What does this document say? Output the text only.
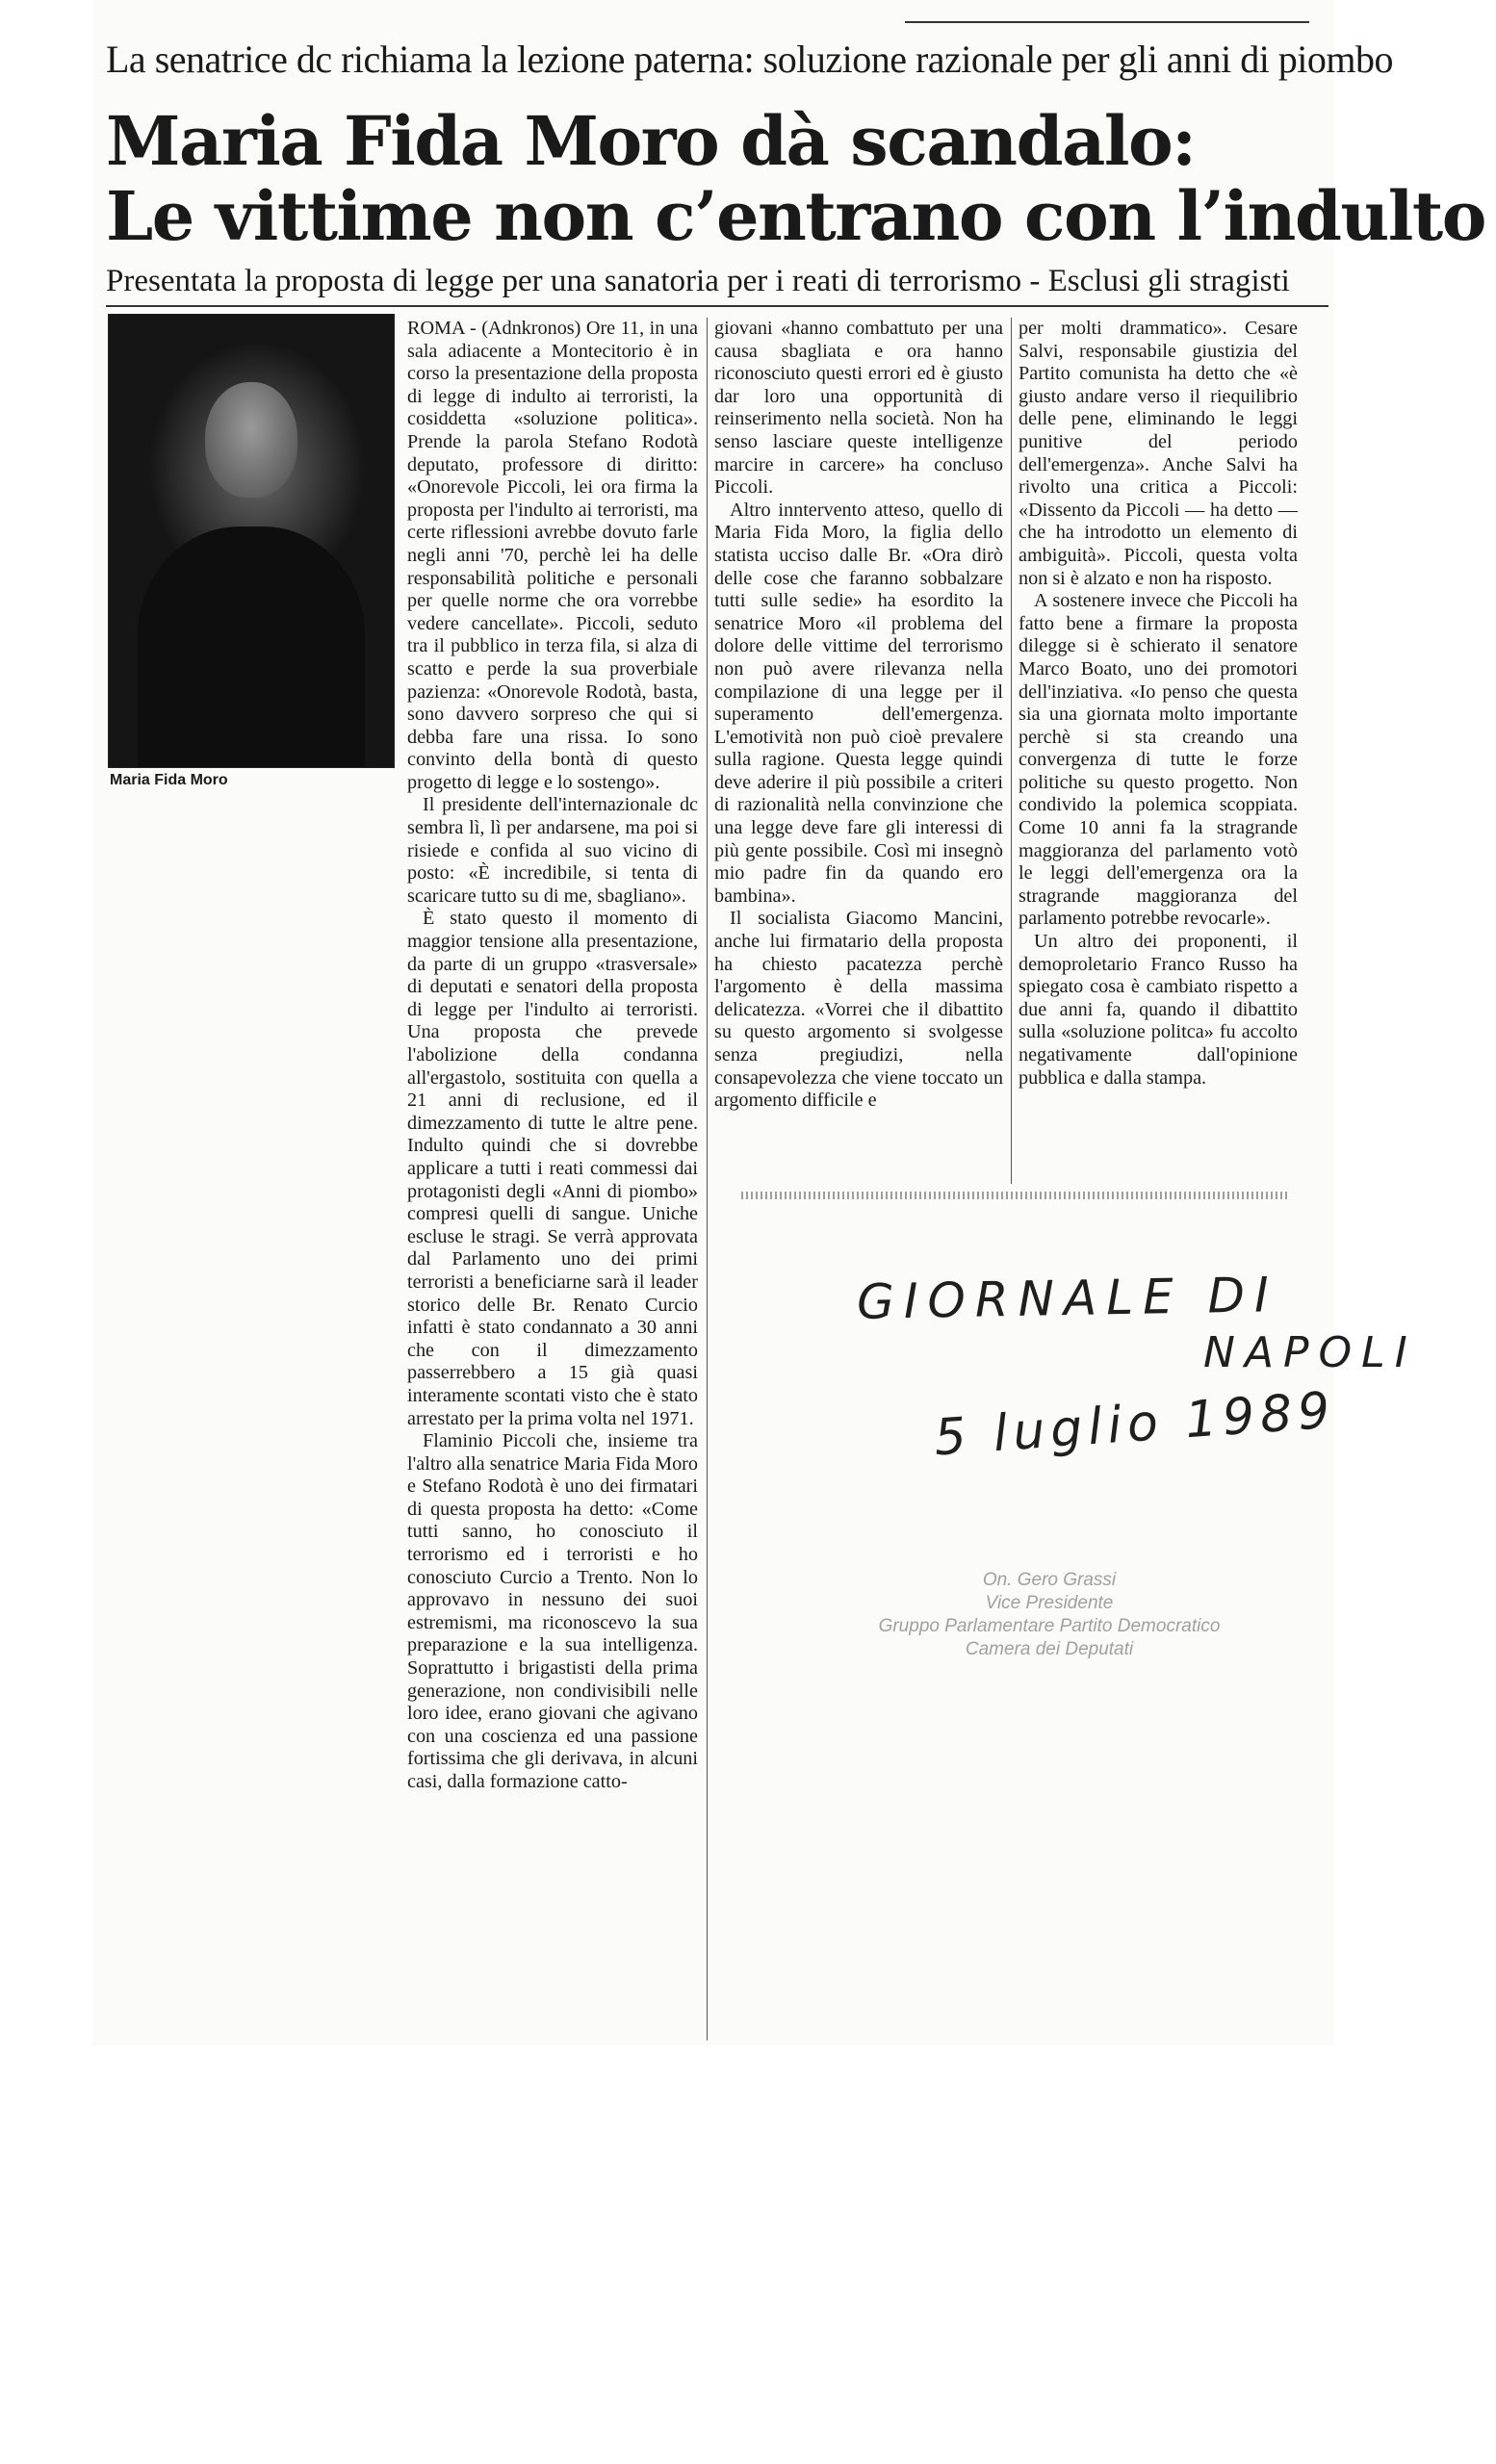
La senatrice dc richiama la lezione paterna: soluzione razionale per gli anni di piombo
Maria Fida Moro dà scandalo:
Le vittime non c’entrano con l’indulto
Presentata la proposta di legge per una sanatoria per i reati di terrorismo - Esclusi gli stragisti
Maria Fida Moro

ROMA - (Adnkronos) Ore 11, in una sala adiacente a Montecitorio è in corso la presentazione della proposta di legge di indulto ai terroristi, la cosiddetta «soluzione politica». Prende la parola Stefano Rodotà deputato, professore di diritto: «Onorevole Piccoli, lei ora firma la proposta per l'indulto ai terroristi, ma certe riflessioni avrebbe dovuto farle negli anni '70, perchè lei ha delle responsabilità politiche e personali per quelle norme che ora vorrebbe vedere cancellate». Piccoli, seduto tra il pubblico in terza fila, si alza di scatto e perde la sua proverbiale pazienza: «Onorevole Rodotà, basta, sono davvero sorpreso che qui si debba fare una rissa. Io sono convinto della bontà di questo progetto di legge e lo sostengo».

Il presidente dell'internazionale dc sembra lì, lì per andarsene, ma poi si risiede e confida al suo vicino di posto: «È incredibile, si tenta di scaricare tutto su di me, sbagliano».

È stato questo il momento di maggior tensione alla presentazione, da parte di un gruppo «trasversale» di deputati e senatori della proposta di legge per l'indulto ai terroristi. Una proposta che prevede l'abolizione della condanna all'ergastolo, sostituita con quella a 21 anni di reclusione, ed il dimezzamento di tutte le altre pene. Indulto quindi che si dovrebbe applicare a tutti i reati commessi dai protagonisti degli «Anni di piombo» compresi quelli di sangue. Uniche escluse le stragi. Se verrà approvata dal Parlamento uno dei primi terroristi a beneficiarne sarà il leader storico delle Br. Renato Curcio infatti è stato condannato a 30 anni che con il dimezzamento passerrebbero a 15 già quasi interamente scontati visto che è stato arrestato per la prima volta nel 1971.

Flaminio Piccoli che, insieme tra l'altro alla senatrice Maria Fida Moro e Stefano Rodotà è uno dei firmatari di questa proposta ha detto: «Come tutti sanno, ho conosciuto il terrorismo ed i terroristi e ho conosciuto Curcio a Trento. Non lo approvavo in nessuno dei suoi estremismi, ma riconoscevo la sua preparazione e la sua intelligenza. Soprattutto i brigastisti della prima generazione, non condivisibili nelle loro idee, erano giovani che agivano con una coscienza ed una passione fortissima che gli derivava, in alcuni casi, dalla formazione catto-

giovani «hanno combattuto per una causa sbagliata e ora hanno riconosciuto questi errori ed è giusto dar loro una opportunità di reinserimento nella società. Non ha senso lasciare queste intelligenze marcire in carcere» ha concluso Piccoli.

Altro inntervento atteso, quello di Maria Fida Moro, la figlia dello statista ucciso dalle Br. «Ora dirò delle cose che faranno sobbalzare tutti sulle sedie» ha esordito la senatrice Moro «il problema del dolore delle vittime del terrorismo non può avere rilevanza nella compilazione di una legge per il superamento dell'emergenza. L'emotività non può cioè prevalere sulla ragione. Questa legge quindi deve aderire il più possibile a criteri di razionalità nella convinzione che una legge deve fare gli interessi di più gente possibile. Così mi insegnò mio padre fin da quando ero bambina».

Il socialista Giacomo Mancini, anche lui firmatario della proposta ha chiesto pacatezza perchè l'argomento è della massima delicatezza. «Vorrei che il dibattito su questo argomento si svolgesse senza pregiudizi, nella consapevolezza che viene toccato un argomento difficile e

per molti drammatico». Cesare Salvi, responsabile giustizia del Partito comunista ha detto che «è giusto andare verso il riequilibrio delle pene, eliminando le leggi punitive del periodo dell'emergenza». Anche Salvi ha rivolto una critica a Piccoli: «Dissento da Piccoli — ha detto — che ha introdotto un elemento di ambiguità». Piccoli, questa volta non si è alzato e non ha risposto.

A sostenere invece che Piccoli ha fatto bene a firmare la proposta dilegge si è schierato il senatore Marco Boato, uno dei promotori dell'inziativa. «Io penso che questa sia una giornata molto importante perchè si sta creando una convergenza di tutte le forze politiche su questo progetto. Non condivido la polemica scoppiata. Come 10 anni fa la stragrande maggioranza del parlamento votò le leggi dell'emergenza ora la stragrande maggioranza del parlamento potrebbe revocarle».

Un altro dei proponenti, il demoproletario Franco Russo ha spiegato cosa è cambiato rispetto a due anni fa, quando il dibattito sulla «soluzione politca» fu accolto negativamente dall'opinione pubblica e dalla stampa.

GIORNALE DI
NAPOLI
5 luglio 1989
On. Gero Grassi
Vice Presidente
Gruppo Parlamentare Partito Democratico
Camera dei Deputati
